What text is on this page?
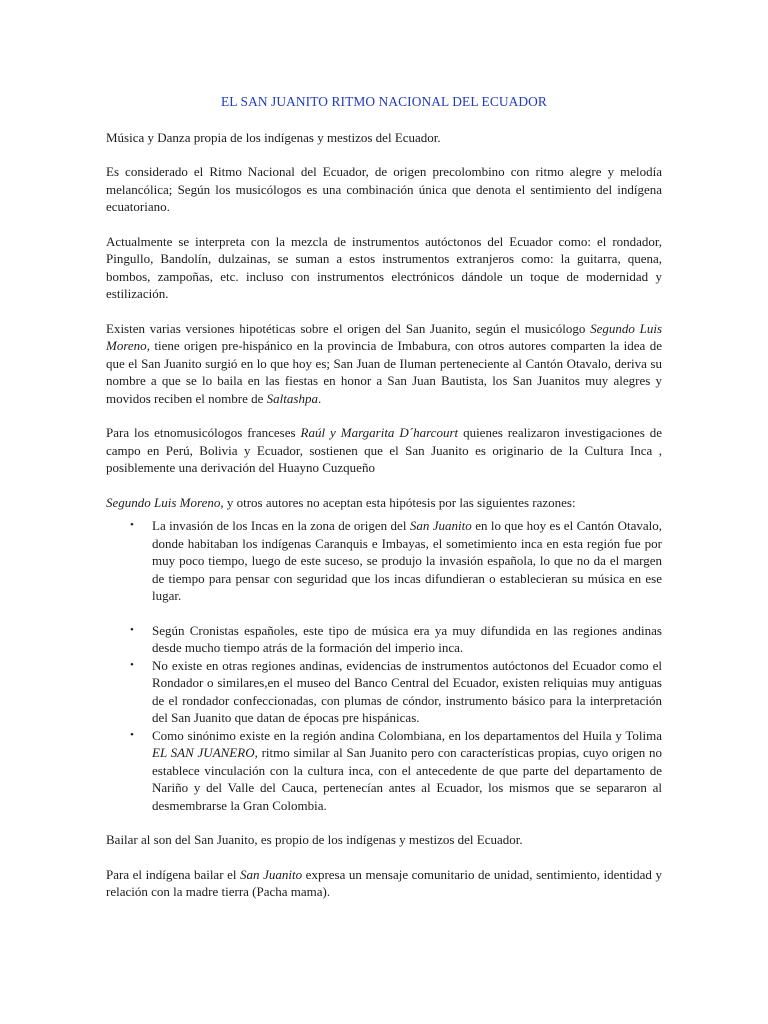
EL SAN JUANITO RITMO NACIONAL DEL ECUADOR

Música y Danza propia de los indígenas y mestizos del Ecuador.

Es considerado el Ritmo Nacional del Ecuador, de origen precolombino con ritmo alegre y melodía melancólica; Según los musicólogos es una combinación única que denota el sentimiento del indígena ecuatoriano.

Actualmente se interpreta con la mezcla de instrumentos autóctonos del Ecuador como: el rondador, Pingullo, Bandolín, dulzainas, se suman a estos instrumentos extranjeros como: la guitarra, quena, bombos, zampoñas, etc. incluso con instrumentos electrónicos dándole un toque de modernidad y estilización.

Existen varias versiones hipotéticas sobre el origen del San Juanito, según el musicólogo Segundo Luis Moreno, tiene origen pre-hispánico en la provincia de Imbabura, con otros autores comparten la idea de que el San Juanito surgió en lo que hoy es; San Juan de Iluman perteneciente al Cantón Otavalo, deriva su nombre a que se lo baila en las fiestas en honor a San Juan Bautista, los San Juanitos muy alegres y movidos reciben el nombre de Saltashpa.

Para los etnomusicólogos franceses Raúl y Margarita D´harcourt quienes realizaron investigaciones de campo en Perú, Bolivia y Ecuador, sostienen que el San Juanito es originario de la Cultura Inca , posiblemente una derivación del Huayno Cuzqueño

Segundo Luis Moreno, y otros autores no aceptan esta hipótesis por las siguientes razones:

• La invasión de los Incas en la zona de origen del San Juanito en lo que hoy es el Cantón Otavalo, donde habitaban los indígenas Caranquis e Imbayas, el sometimiento inca en esta región fue por muy poco tiempo, luego de este suceso, se produjo la invasión española, lo que no da el margen de tiempo para pensar con seguridad que los incas difundieran o establecieran su música en ese lugar.
• Según Cronistas españoles, este tipo de música era ya muy difundida en las regiones andinas desde mucho tiempo atrás de la formación del imperio inca.
• No existe en otras regiones andinas, evidencias de instrumentos autóctonos del Ecuador como el Rondador o similares,en el museo del Banco Central del Ecuador, existen reliquias muy antiguas de el rondador confeccionadas, con plumas de cóndor, instrumento básico para la interpretación del San Juanito que datan de épocas pre hispánicas.
• Como sinónimo existe en la región andina Colombiana, en los departamentos del Huila y Tolima EL SAN JUANERO, ritmo similar al San Juanito pero con características propias, cuyo origen no establece vinculación con la cultura inca, con el antecedente de que parte del departamento de Nariño y del Valle del Cauca, pertenecían antes al Ecuador, los mismos que se separaron al desmembrarse la Gran Colombia.

Bailar al son del San Juanito, es propio de los indígenas y mestizos del Ecuador.

Para el indígena bailar el San Juanito expresa un mensaje comunitario de unidad, sentimiento, identidad y relación con la madre tierra (Pacha mama).
